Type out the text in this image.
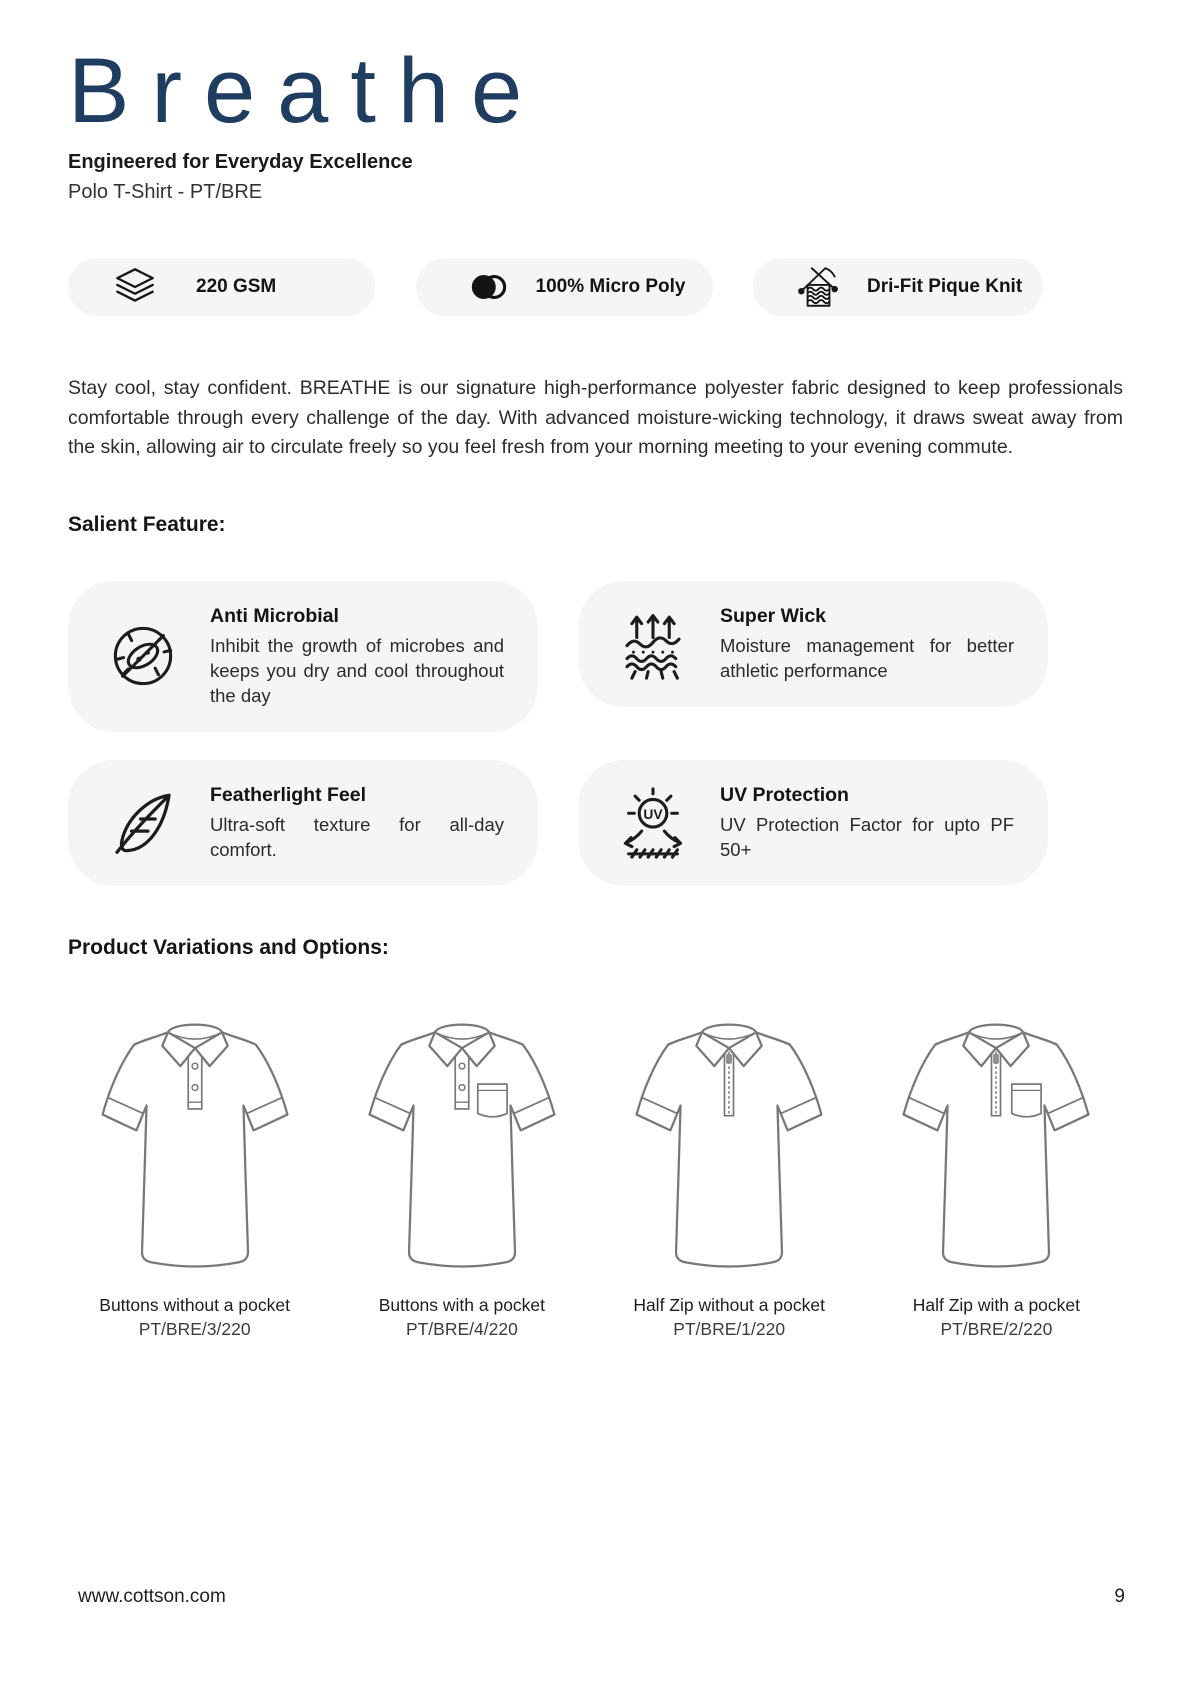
Breathe
Engineered for Everyday Excellence
Polo T-Shirt - PT/BRE
220 GSM	100% Micro Poly	Dri-Fit Pique Knit

Stay cool, stay confident. BREATHE is our signature high-performance polyester fabric designed to keep professionals comfortable through every challenge of the day. With advanced moisture-wicking technology, it draws sweat away from the skin, allowing air to circulate freely so you feel fresh from your morning meeting to your evening commute.

Salient Feature:
Anti Microbial
Inhibit the growth of microbes and keeps you dry and cool throughout the day
Super Wick
Moisture management for better athletic performance
Featherlight Feel
Ultra-soft texture for all-day comfort.
UV
UV Protection
UV Protection Factor for upto PF 50+
Product Variations and Options:
Buttons without a pocket
PT/BRE/3/220
Buttons with a pocket
PT/BRE/4/220
Half Zip without a pocket
PT/BRE/1/220
Half Zip with a pocket
PT/BRE/2/220
www.cottson.com	9
